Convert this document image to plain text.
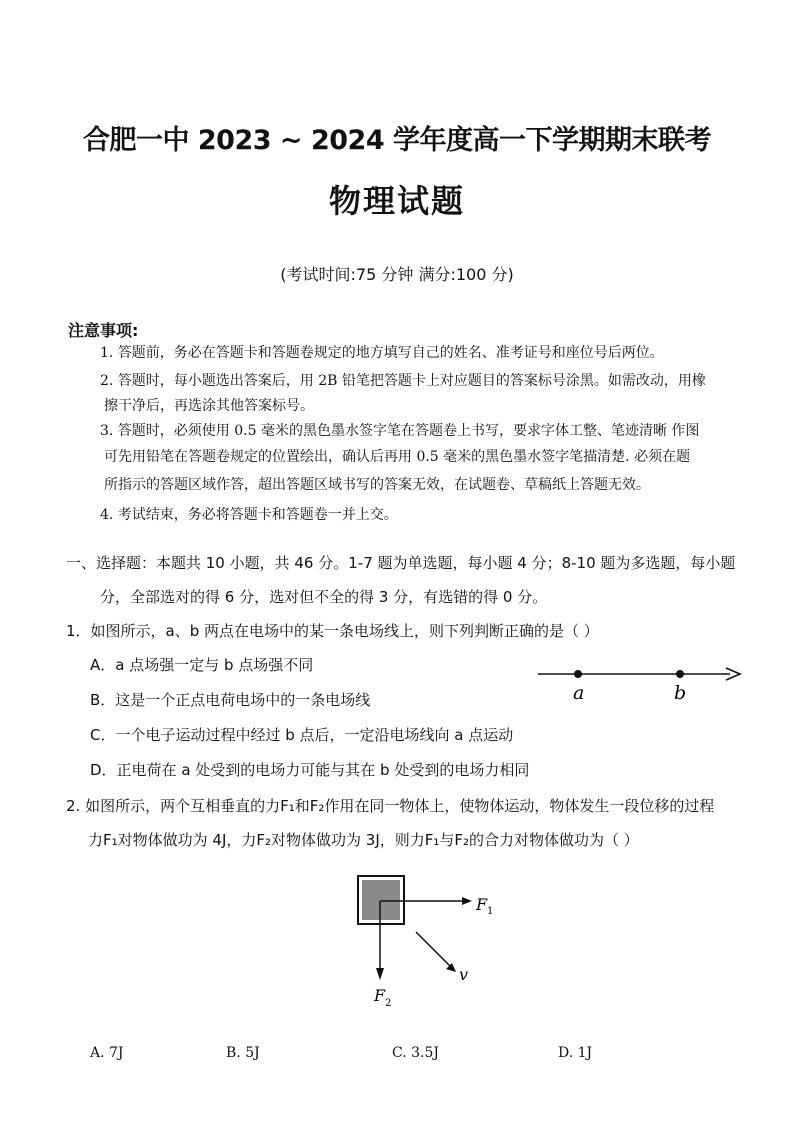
合肥一中 2023 ~ 2024 学年度高一下学期期末联考
物理试题
(考试时间:75 分钟 满分:100 分)
注意事项:
1. 答题前，务必在答题卡和答题卷规定的地方填写自己的姓名、准考证号和座位号后两位。
2. 答题时，每小题选出答案后，用 2B 铅笔把答题卡上对应题目的答案标号涂黑。如需改动，用橡
擦干净后，再选涂其他答案标号。
3. 答题时，必须使用 0.5 毫米的黑色墨水签字笔在答题卷上书写，要求字体工整、笔迹清晰 作图
可先用铅笔在答题卷规定的位置绘出，确认后再用 0.5 毫米的黑色墨水签字笔描清楚. 必须在题
所指示的答题区域作答，超出答题区域书写的答案无效，在试题卷、草稿纸上答题无效。
4. 考试结束，务必将答题卡和答题卷一并上交。
一、选择题：本题共 10 小题，共 46 分。1-7 题为单选题，每小题 4 分；8-10 题为多选题，每小题
分，全部选对的得 6 分，选对但不全的得 3 分，有选错的得 0 分。
1．如图所示，a、b 两点在电场中的某一条电场线上，则下列判断正确的是（ ）
A．a 点场强一定与 b 点场强不同
B．这是一个正点电荷电场中的一条电场线
C．一个电子运动过程中经过 b 点后，一定沿电场线向 a 点运动
D．正电荷在 a 处受到的电场力可能与其在 b 处受到的电场力相同
a	b
2. 如图所示，两个互相垂直的力F₁和F₂作用在同一物体上，使物体运动，物体发生一段位移的过程
力F₁对物体做功为 4J，力F₂对物体做功为 3J，则力F₁与F₂的合力对物体做功为（ ）
F 1
F 2
v
A. 7J	B. 5J	C. 3.5J	D. 1J
